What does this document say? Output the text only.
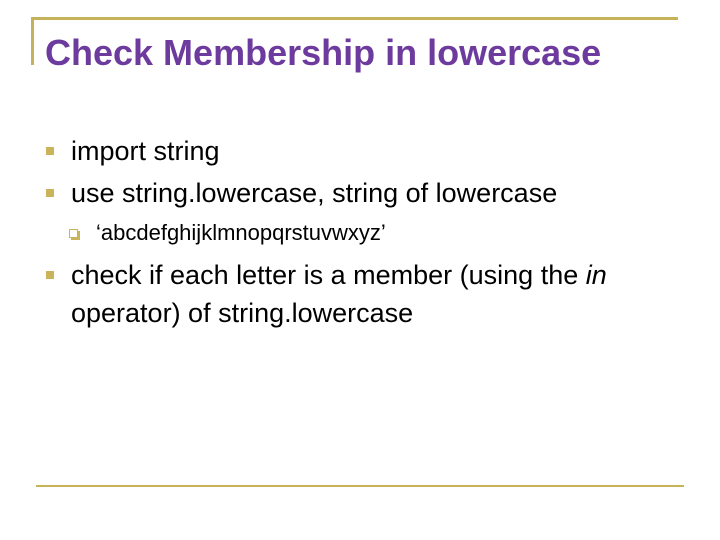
Check Membership in lowercase
import string
use string.lowercase, string of lowercase
‘abcdefghijklmnopqrstuvwxyz’
check if each letter is a member (using the in operator) of string.lowercase
